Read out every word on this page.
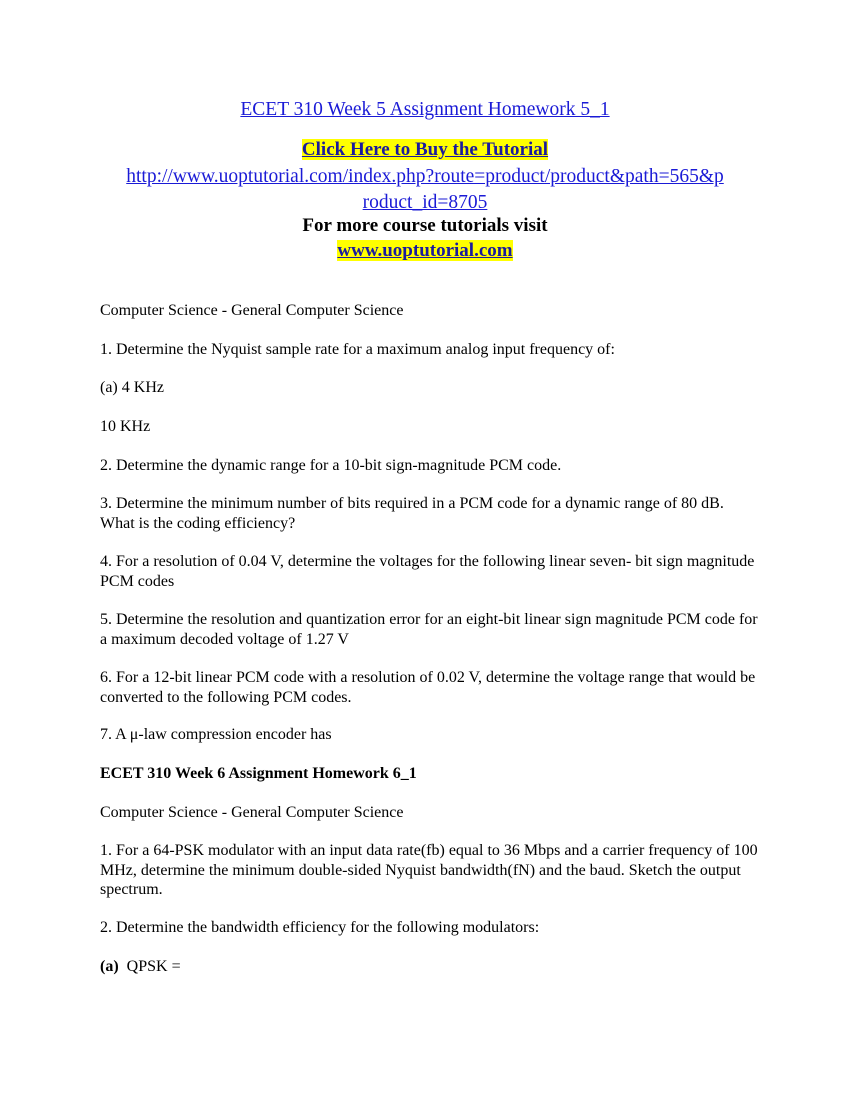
ECET 310 Week 5 Assignment Homework 5_1
Click Here to Buy the Tutorial
http://www.uoptutorial.com/index.php?route=product/product&path=565&p
roduct_id=8705
For more course tutorials visit
www.uoptutorial.com
Computer Science - General Computer Science
1. Determine the Nyquist sample rate for a maximum analog input frequency of:
(a) 4 KHz
10 KHz
2. Determine the dynamic range for a 10-bit sign-magnitude PCM code.
3. Determine the minimum number of bits required in a PCM code for a dynamic range of 80 dB. What is the coding efficiency?
4. For a resolution of 0.04 V, determine the voltages for the following linear seven- bit sign magnitude PCM codes
5. Determine the resolution and quantization error for an eight-bit linear sign magnitude PCM code for a maximum decoded voltage of 1.27 V
6. For a 12-bit linear PCM code with a resolution of 0.02 V, determine the voltage range that would be converted to the following PCM codes.
7. A μ-law compression encoder has
ECET 310 Week 6 Assignment Homework 6_1
Computer Science - General Computer Science
1. For a 64-PSK modulator with an input data rate(fb) equal to 36 Mbps and a carrier frequency of 100 MHz, determine the minimum double-sided Nyquist bandwidth(fN) and the baud. Sketch the output spectrum.
2. Determine the bandwidth efficiency for the following modulators:
(a)  QPSK =
